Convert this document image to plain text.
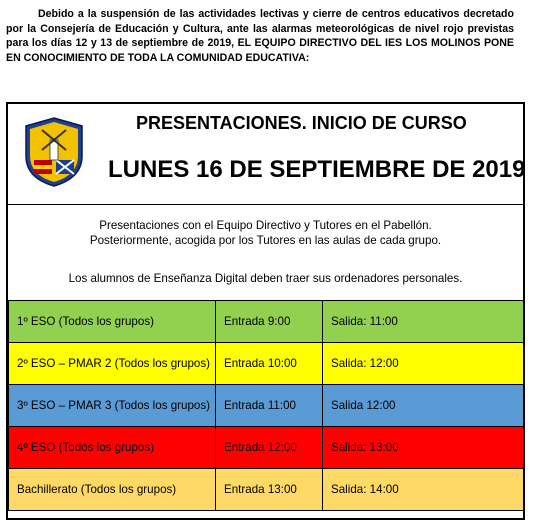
Debido a la suspensión de las actividades lectivas y cierre de centros educativos decretado por la Consejería de Educación y Cultura, ante las alarmas meteorológicas de nivel rojo previstas para los días 12 y 13 de septiembre de 2019, EL EQUIPO DIRECTIVO DEL IES LOS MOLINOS PONE EN CONOCIMIENTO DE TODA LA COMUNIDAD EDUCATIVA:

PRESENTACIONES. INICIO DE CURSO
LUNES 16 DE SEPTIEMBRE DE 2019
Presentaciones con el Equipo Directivo y Tutores en el Pabellón.
Posteriormente, acogida por los Tutores en las aulas de cada grupo.
Los alumnos de Enseñanza Digital deben traer sus ordenadores personales.
1º ESO (Todos los grupos)	Entrada 9:00	Salida: 11:00
2º ESO – PMAR 2 (Todos los grupos)	Entrada 10:00	Salida: 12:00
3º ESO – PMAR 3 (Todos los grupos)	Entrada 11:00	Salida 12:00
4º ESO (Todos los grupos)	Entrada 12:00	Salida: 13:00
Bachillerato (Todos los grupos)	Entrada 13:00	Salida: 14:00
